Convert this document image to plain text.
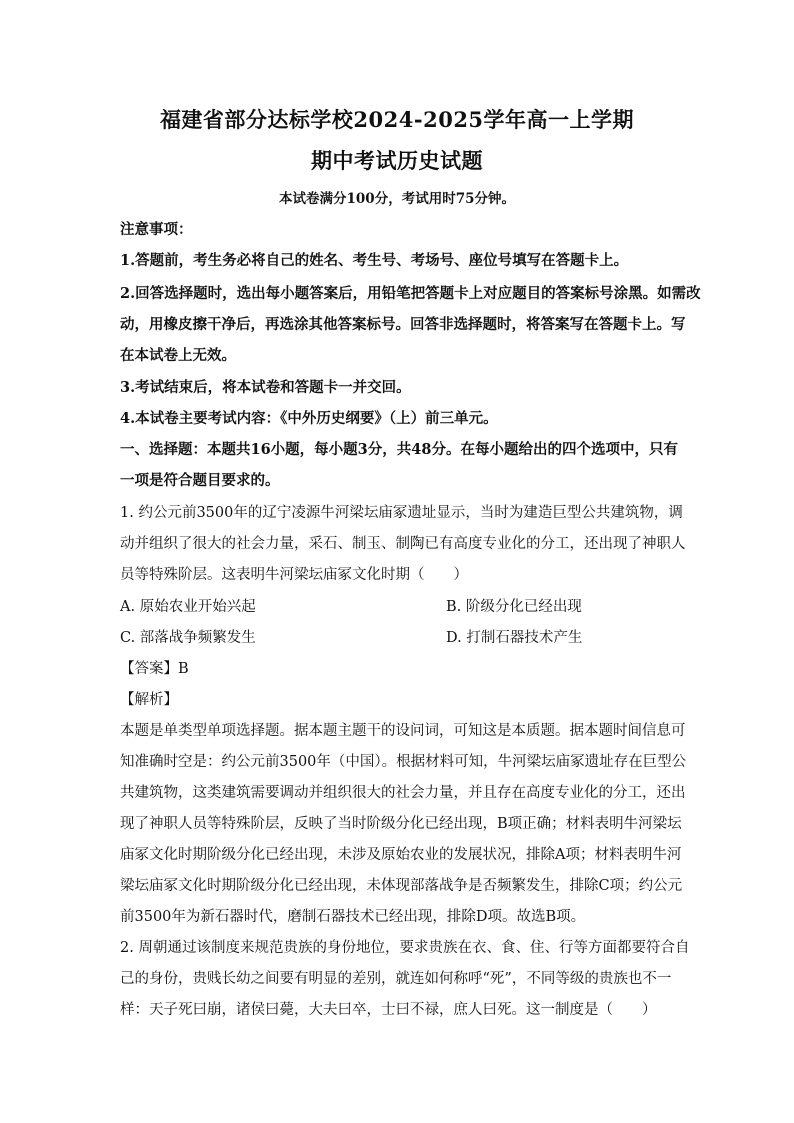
福建省部分达标学校2024-2025学年高一上学期
期中考试历史试题
本试卷满分100分，考试用时75分钟。
注意事项：
1.答题前，考生务必将自己的姓名、考生号、考场号、座位号填写在答题卡上。
2.回答选择题时，选出每小题答案后，用铅笔把答题卡上对应题目的答案标号涂黑。如需改
动，用橡皮擦干净后，再选涂其他答案标号。回答非选择题时，将答案写在答题卡上。写
在本试卷上无效。
3.考试结束后，将本试卷和答题卡一并交回。
4.本试卷主要考试内容：《中外历史纲要》（上）前三单元。
一、选择题：本题共16小题，每小题3分，共48分。在每小题给出的四个选项中，只有
一项是符合题目要求的。
1. 约公元前3500年的辽宁凌源牛河梁坛庙冢遗址显示，当时为建造巨型公共建筑物，调
动并组织了很大的社会力量，采石、制玉、制陶已有高度专业化的分工，还出现了神职人
员等特殊阶层。这表明牛河梁坛庙冢文化时期（　　）
A. 原始农业开始兴起	B. 阶级分化已经出现
C. 部落战争频繁发生	D. 打制石器技术产生
【答案】B
【解析】
本题是单类型单项选择题。据本题主题干的设问词，可知这是本质题。据本题时间信息可
知准确时空是：约公元前3500年（中国）。根据材料可知，牛河梁坛庙冢遗址存在巨型公
共建筑物，这类建筑需要调动并组织很大的社会力量，并且存在高度专业化的分工，还出
现了神职人员等特殊阶层，反映了当时阶级分化已经出现，B项正确；材料表明牛河梁坛
庙冢文化时期阶级分化已经出现，未涉及原始农业的发展状况，排除A项；材料表明牛河
梁坛庙冢文化时期阶级分化已经出现，未体现部落战争是否频繁发生，排除C项；约公元
前3500年为新石器时代，磨制石器技术已经出现，排除D项。故选B项。
2. 周朝通过该制度来规范贵族的身份地位，要求贵族在衣、食、住、行等方面都要符合自
己的身份，贵贱长幼之间要有明显的差别，就连如何称呼“死”，不同等级的贵族也不一
样：天子死曰崩，诸侯曰薨，大夫曰卒，士曰不禄，庶人曰死。这一制度是（　　）
